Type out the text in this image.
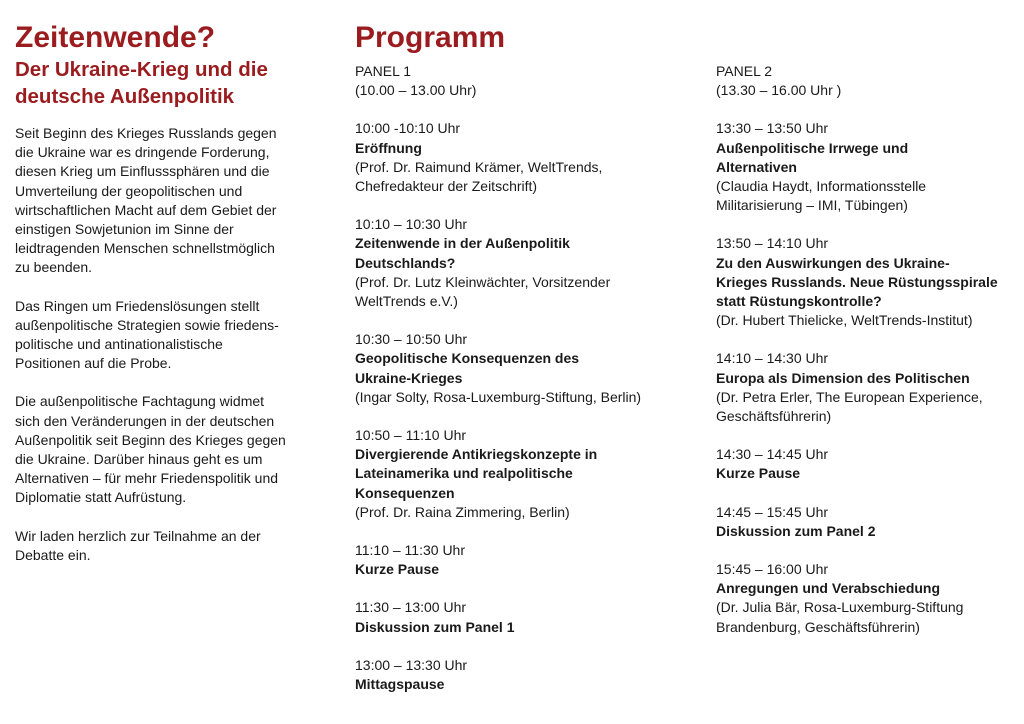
Zeitenwende?
Der Ukraine-Krieg und die
deutsche Außenpolitik

Seit Beginn des Krieges Russlands gegen
die Ukraine war es dringende Forderung,
diesen Krieg um Einflusssphären und die
Umverteilung der geopolitischen und
wirtschaftlichen Macht auf dem Gebiet der
einstigen Sowjetunion im Sinne der
leidtragenden Menschen schnellstmöglich
zu beenden.

Das Ringen um Friedenslösungen stellt
außenpolitische Strategien sowie friedens-
politische und antinationalistische
Positionen auf die Probe.

Die außenpolitische Fachtagung widmet
sich den Veränderungen in der deutschen
Außenpolitik seit Beginn des Krieges gegen
die Ukraine. Darüber hinaus geht es um
Alternativen – für mehr Friedenspolitik und
Diplomatie statt Aufrüstung.

Wir laden herzlich zur Teilnahme an der
Debatte ein.

Programm
PANEL 1
(10.00 – 13.00 Uhr)
10:00 -10:10 Uhr
Eröffnung
(Prof. Dr. Raimund Krämer, WeltTrends,
Chefredakteur der Zeitschrift)
10:10 – 10:30 Uhr
Zeitenwende in der Außenpolitik
Deutschlands?
(Prof. Dr. Lutz Kleinwächter, Vorsitzender
WeltTrends e.V.)
10:30 – 10:50 Uhr
Geopolitische Konsequenzen des
Ukraine-Krieges
(Ingar Solty, Rosa-Luxemburg-Stiftung, Berlin)
10:50 – 11:10 Uhr
Divergierende Antikriegskonzepte in
Lateinamerika und realpolitische
Konsequenzen
(Prof. Dr. Raina Zimmering, Berlin)
11:10 – 11:30 Uhr
Kurze Pause
11:30 – 13:00 Uhr
Diskussion zum Panel 1
13:00 – 13:30 Uhr
Mittagspause
PANEL 2
(13.30 – 16.00 Uhr )
13:30 – 13:50 Uhr
Außenpolitische Irrwege und
Alternativen
(Claudia Haydt, Informationsstelle
Militarisierung – IMI, Tübingen)
13:50 – 14:10 Uhr
Zu den Auswirkungen des Ukraine-
Krieges Russlands. Neue Rüstungsspirale
statt Rüstungskontrolle?
(Dr. Hubert Thielicke, WeltTrends-Institut)
14:10 – 14:30 Uhr
Europa als Dimension des Politischen
(Dr. Petra Erler, The European Experience,
Geschäftsführerin)
14:30 – 14:45 Uhr
Kurze Pause
14:45 – 15:45 Uhr
Diskussion zum Panel 2
15:45 – 16:00 Uhr
Anregungen und Verabschiedung
(Dr. Julia Bär, Rosa-Luxemburg-Stiftung
Brandenburg, Geschäftsführerin)
